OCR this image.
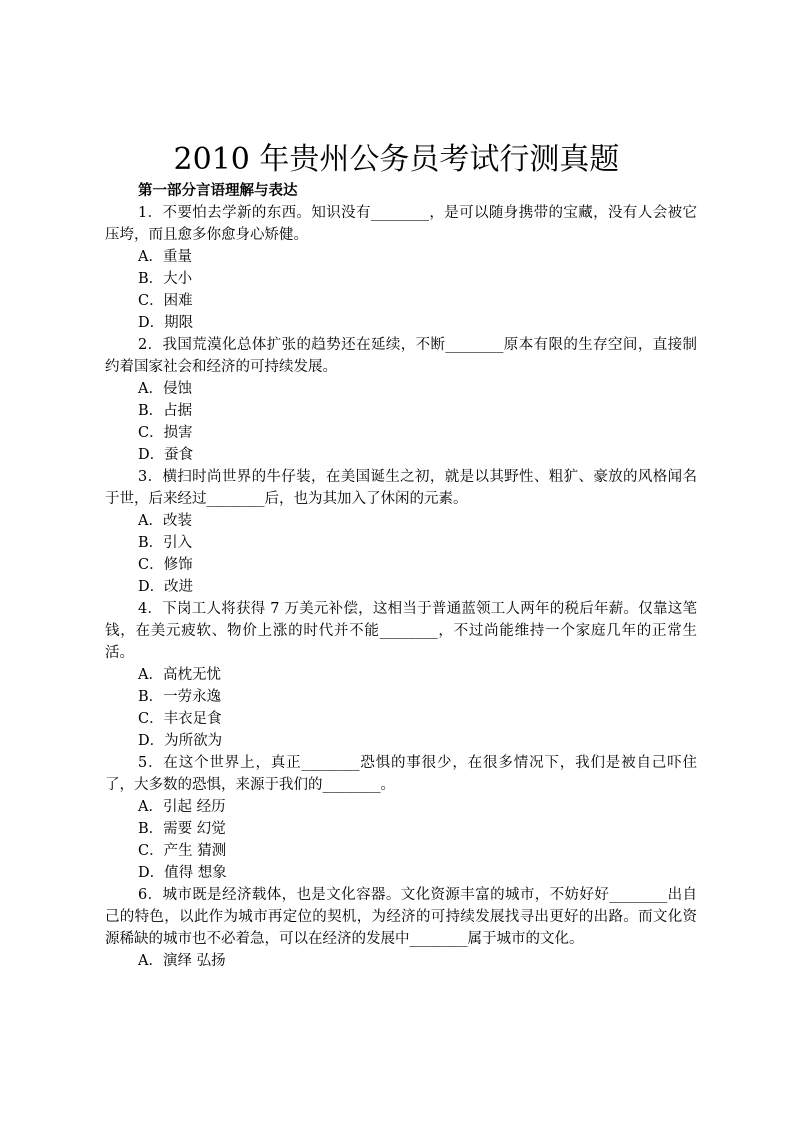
2010 年贵州公务员考试行测真题

第一部分言语理解与表达

1．不要怕去学新的东西。知识没有________，是可以随身携带的宝藏，没有人会被它压垮，而且愈多你愈身心矫健。

A．重量

B．大小

C．困难

D．期限

2．我国荒漠化总体扩张的趋势还在延续，不断________原本有限的生存空间，直接制约着国家社会和经济的可持续发展。

A．侵蚀

B．占据

C．损害

D．蚕食

3．横扫时尚世界的牛仔装，在美国诞生之初，就是以其野性、粗犷、豪放的风格闻名于世，后来经过________后，也为其加入了休闲的元素。

A．改装

B．引入

C．修饰

D．改进

4．下岗工人将获得 7 万美元补偿，这相当于普通蓝领工人两年的税后年薪。仅靠这笔钱，在美元疲软、物价上涨的时代并不能________，不过尚能维持一个家庭几年的正常生活。

A．高枕无忧

B．一劳永逸

C．丰衣足食

D．为所欲为

5．在这个世界上，真正________恐惧的事很少，在很多情况下，我们是被自己吓住了，大多数的恐惧，来源于我们的________。

A．引起 经历

B．需要 幻觉

C．产生 猜测

D．值得 想象

6．城市既是经济载体，也是文化容器。文化资源丰富的城市，不妨好好________出自己的特色，以此作为城市再定位的契机，为经济的可持续发展找寻出更好的出路。而文化资源稀缺的城市也不必着急，可以在经济的发展中________属于城市的文化。

A．演绎 弘扬
